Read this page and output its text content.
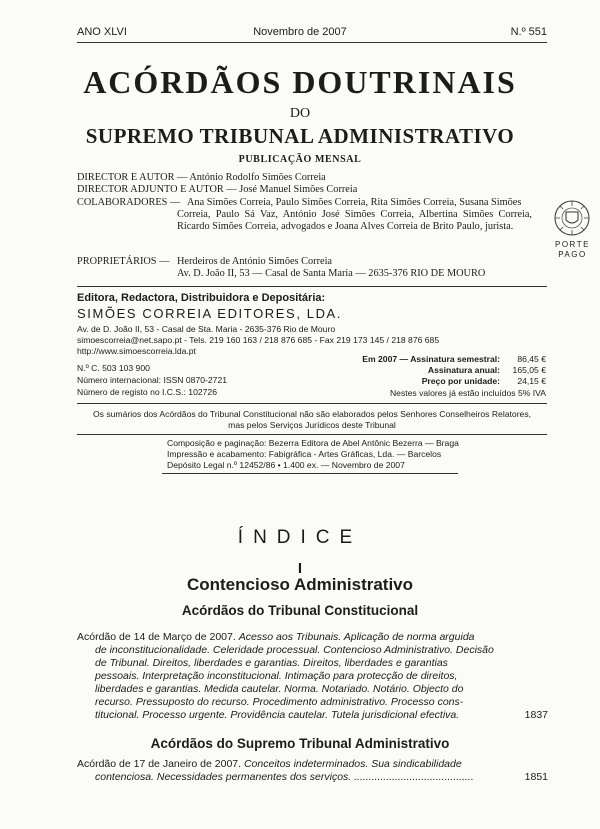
ANO XLVI	Novembro de 2007	N.º 551
ACÓRDÃOS DOUTRINAIS
DO
SUPREMO TRIBUNAL ADMINISTRATIVO
PUBLICAÇÃO MENSAL
DIRECTOR E AUTOR — António Rodolfo Simões Correia
DIRECTOR ADJUNTO E AUTOR — José Manuel Simões Correia
COLABORADORES — Ana Simões Correia, Paulo Simões Correia, Rita Simões Correia, Susana Simões
Correia, Paulo Sá Vaz, António José Simões Correia, Albertina Simões Correia, Ricardo Simões Correia, advogados e Joana Alves Correia de Brito Paulo, jurista.
PROPRIETÁRIOS — Herdeiros de António Simões Correia
Av. D. João II, 53 — Casal de Santa Maria — 2635-376 RIO DE MOURO
PORTE
PAGO
Editora, Redactora, Distribuidora e Depositária:
SIMÕES CORREIA EDITORES, LDA.
Av. de D. João II, 53 - Casal de Sta. Maria - 2635-376 Rio de Mouro
simoescorreia@net.sapo.pt - Tels. 219 160 163 / 218 876 685 - Fax 219 173 145 / 218 876 685
http://www.simoescorreia.lda.pt
N.º C. 503 103 900
Número internacional: ISSN 0870-2721
Número de registo no I.C.S.: 102726
Em 2007 — Assinatura semestral:	86,45 €
Assinatura anual:	165,05 €
Preço por unidade:	24,15 €
Nestes valores já estão incluídos 5% IVA
Os sumários dos Acórdãos do Tribunal Constitucional não são elaborados pelos Senhores Conselheiros Relatores,
mas pelos Serviços Jurídicos deste Tribunal
Composição e paginação: Bezerra Editora de Abel Antônic Bezerra — Braga
Impressão e acabamento: Fabigráfica - Artes Gráficas, Lda. — Barcelos
Depósito Legal n.º 12452/86 • 1.400 ex. — Novembro de 2007
ÍNDICE
I
Contencioso Administrativo
Acórdãos do Tribunal Constitucional
Acórdão de 14 de Março de 2007. Acesso aos Tribunais. Aplicação de norma arguida
de inconstitucionalidade. Celeridade processual. Contencioso Administrativo. Decisão
de Tribunal. Direitos, liberdades e garantias. Direitos, liberdades e garantias
pessoais. Interpretação inconstitucional. Intimação para protecção de direitos,
liberdades e garantias. Medida cautelar. Norma. Notariado. Notário. Objecto do
recurso. Pressuposto do recurso. Procedimento administrativo. Processo cons-
titucional. Processo urgente. Providência cautelar. Tutela jurisdicional efectiva.	1837
Acórdãos do Supremo Tribunal Administrativo
Acórdão de 17 de Janeiro de 2007. Conceitos indeterminados. Sua sindicabilidade
contenciosa. Necessidades permanentes dos serviços. .........................................	1851
